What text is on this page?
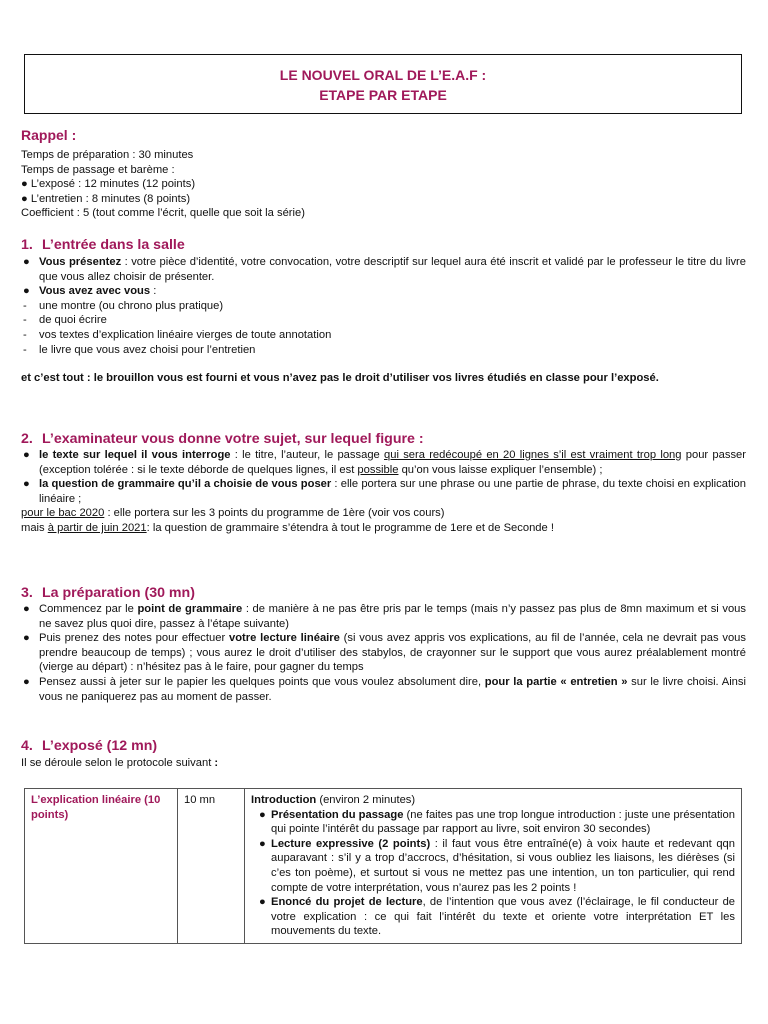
LE NOUVEL ORAL DE L’E.A.F :
ETAPE PAR ETAPE
Rappel :

Temps de préparation : 30 minutes

Temps de passage et barème :

● L’exposé : 12 minutes (12 points)

● L’entretien : 8 minutes (8 points)

Coefficient : 5 (tout comme l’écrit, quelle que soit la série)

1. L’entrée dans la salle

● Vous présentez : votre pièce d’identité, votre convocation, votre descriptif sur lequel aura été inscrit et validé par le professeur le titre du livre que vous allez choisir de présenter.

● Vous avez avec vous :

- une montre (ou chrono plus pratique)

- de quoi écrire

- vos textes d’explication linéaire vierges de toute annotation

- le livre que vous avez choisi pour l’entretien

et c’est tout : le brouillon vous est fourni et vous n’avez pas le droit d’utiliser vos livres étudiés en classe pour l’exposé.

2. L’examinateur vous donne votre sujet, sur lequel figure :

● le texte sur lequel il vous interroge : le titre, l’auteur, le passage qui sera redécoupé en 20 lignes s’il est vraiment trop long pour passer (exception tolérée : si le texte déborde de quelques lignes, il est possible qu’on vous laisse expliquer l’ensemble) ;

● la question de grammaire qu’il a choisie de vous poser : elle portera sur une phrase ou une partie de phrase, du texte choisi en explication linéaire ;

pour le bac 2020 : elle portera sur les 3 points du programme de 1ère (voir vos cours)

mais à partir de juin 2021: la question de grammaire s’étendra à tout le programme de 1ere et de Seconde !

3. La préparation (30 mn)

● Commencez par le point de grammaire : de manière à ne pas être pris par le temps (mais n’y passez pas plus de 8mn maximum et si vous ne savez plus quoi dire, passez à l’étape suivante)

● Puis prenez des notes pour effectuer votre lecture linéaire (si vous avez appris vos explications, au fil de l’année, cela ne devrait pas vous prendre beaucoup de temps) ; vous aurez le droit d’utiliser des stabylos, de crayonner sur le support que vous aurez préalablement montré (vierge au départ) : n’hésitez pas à le faire, pour gagner du temps

● Pensez aussi à jeter sur le papier les quelques points que vous voulez absolument dire, pour la partie « entretien » sur le livre choisi. Ainsi vous ne paniquerez pas au moment de passer.

4. L’exposé (12 mn)

Il se déroule selon le protocole suivant :

L’explication linéaire (10 points)	10 mn	Introduction (environ 2 minutes)
● Présentation du passage (ne faites pas une trop longue introduction : juste une présentation qui pointe l’intérêt du passage par rapport au livre, soit environ 30 secondes)
● Lecture expressive (2 points) : il faut vous être entraîné(e) à voix haute et redevant qqn auparavant : s’il y a trop d’accrocs, d’hésitation, si vous oubliez les liaisons, les diérèses (si c’es ton poème), et surtout si vous ne mettez pas une intention, un ton particulier, qui rend compte de votre interprétation, vous n’aurez pas les 2 points !
● Enoncé du projet de lecture, de l’intention que vous avez (l’éclairage, le fil conducteur de votre explication : ce qui fait l’intérêt du texte et oriente votre interprétation ET les mouvements du texte.
